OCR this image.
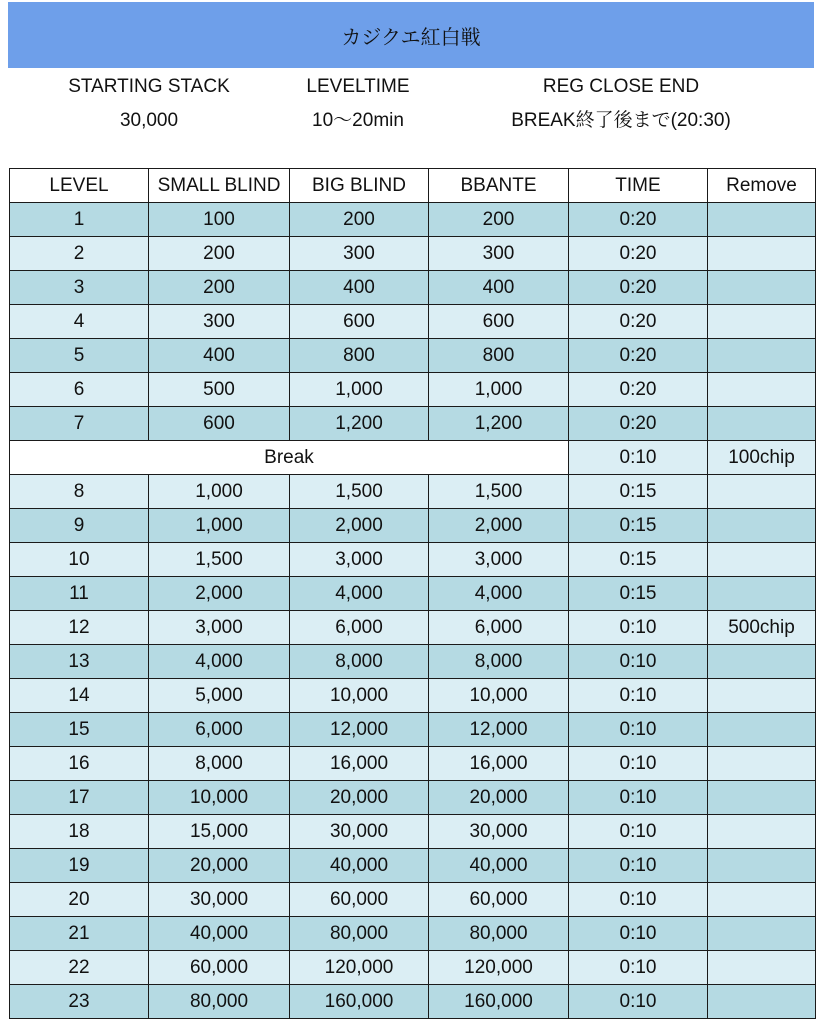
カジクエ紅白戦
STARTING STACK
30,000
LEVELTIME
10〜20min
REG CLOSE END
BREAK終了後まで(20:30)
LEVEL	SMALL BLIND	BIG BLIND	BBANTE	TIME	Remove
1	100	200	200	0:20	
2	200	300	300	0:20	
3	200	400	400	0:20	
4	300	600	600	0:20	
5	400	800	800	0:20	
6	500	1,000	1,000	0:20	
7	600	1,200	1,200	0:20	
Break				0:10	100chip
8	1,000	1,500	1,500	0:15	
9	1,000	2,000	2,000	0:15	
10	1,500	3,000	3,000	0:15	
11	2,000	4,000	4,000	0:15	
12	3,000	6,000	6,000	0:10	500chip
13	4,000	8,000	8,000	0:10	
14	5,000	10,000	10,000	0:10	
15	6,000	12,000	12,000	0:10	
16	8,000	16,000	16,000	0:10	
17	10,000	20,000	20,000	0:10	
18	15,000	30,000	30,000	0:10	
19	20,000	40,000	40,000	0:10	
20	30,000	60,000	60,000	0:10	
21	40,000	80,000	80,000	0:10	
22	60,000	120,000	120,000	0:10	
23	80,000	160,000	160,000	0:10	
